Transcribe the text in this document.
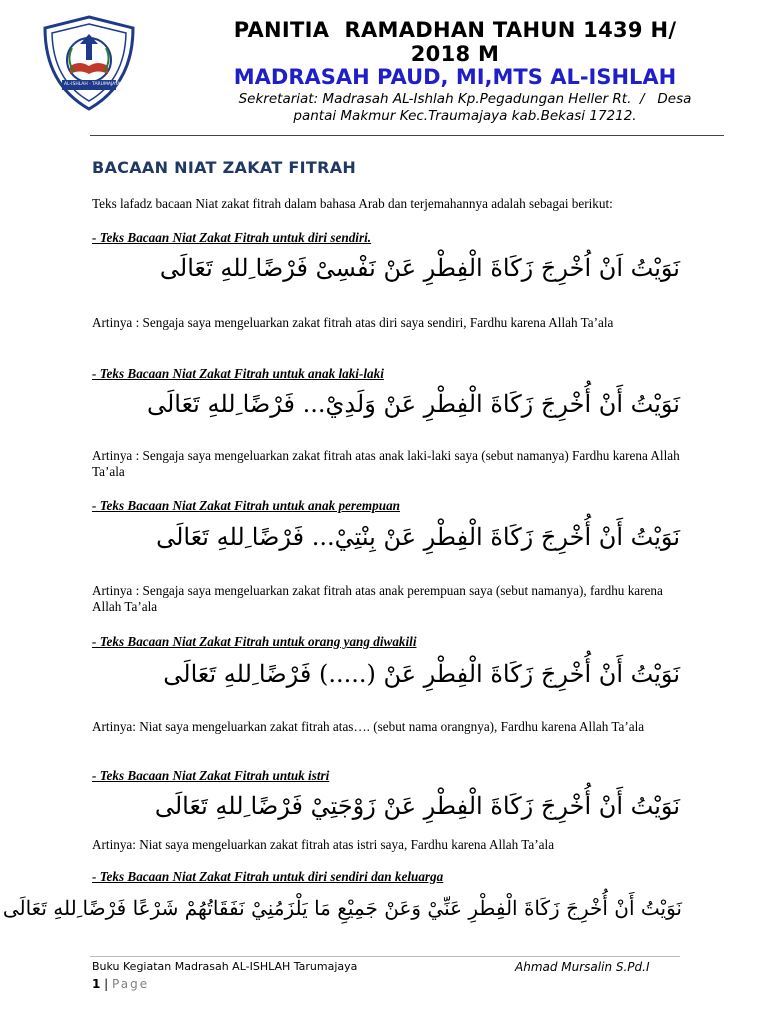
AL-ISHLAH · TARUMAJAYA - BEKASI
PANITIA  RAMADHAN TAHUN 1439 H/
2018 M
MADRASAH PAUD, MI,MTS AL-ISHLAH
Sekretariat: Madrasah AL-Ishlah Kp.Pegadungan Heller Rt.  /   Desa
pantai Makmur Kec.Traumajaya kab.Bekasi 17212.
BACAAN NIAT ZAKAT FITRAH
Teks lafadz bacaan Niat zakat fitrah dalam bahasa Arab dan terjemahannya adalah sebagai berikut:
- Teks Bacaan Niat Zakat Fitrah untuk diri sendiri.
نَوَيْتُ اَنْ اُخْرِجَ زَكَاةَ الْفِطْرِ عَنْ نَفْسِىْ فَرْضًا ِللهِ تَعَالَى
Artinya : Sengaja saya mengeluarkan zakat fitrah atas diri saya sendiri, Fardhu karena Allah Ta’ala
- Teks Bacaan Niat Zakat Fitrah untuk anak laki-laki
نَوَيْتُ أَنْ أُخْرِجَ زَكَاةَ الْفِطْرِ عَنْ وَلَدِيْ... فَرْضًا ِللهِ تَعَالَى
Artinya : Sengaja saya mengeluarkan zakat fitrah atas anak laki-laki saya (sebut namanya) Fardhu karena Allah Ta’ala
- Teks Bacaan Niat Zakat Fitrah untuk anak perempuan
نَوَيْتُ أَنْ أُخْرِجَ زَكَاةَ الْفِطْرِ عَنْ بِنْتِيْ... فَرْضًا ِللهِ تَعَالَى
Artinya : Sengaja saya mengeluarkan zakat fitrah atas anak perempuan saya (sebut namanya), fardhu karena Allah Ta’ala
- Teks Bacaan Niat Zakat Fitrah untuk orang yang diwakili
نَوَيْتُ أَنْ أُخْرِجَ زَكَاةَ الْفِطْرِ عَنْ (.....) فَرْضًا ِللهِ تَعَالَى
Artinya: Niat saya mengeluarkan zakat fitrah atas…. (sebut nama orangnya), Fardhu karena Allah Ta’ala
- Teks Bacaan Niat Zakat Fitrah untuk istri
نَوَيْتُ أَنْ أُخْرِجَ زَكَاةَ الْفِطْرِ عَنْ زَوْجَتِيْ فَرْضًا ِللهِ تَعَالَى
Artinya: Niat saya mengeluarkan zakat fitrah atas istri saya, Fardhu karena Allah Ta’ala
- Teks Bacaan Niat Zakat Fitrah untuk diri sendiri dan keluarga
نَوَيْتُ أَنْ أُخْرِجَ زَكَاةَ الْفِطْرِ عَنِّيْ وَعَنْ جَمِيْعِ مَا يَلْزَمُنِيْ نَفَقَاتُهُمْ شَرْعًا فَرْضًا ِللهِ تَعَالَى
Buku Kegiatan Madrasah AL-ISHLAH Tarumajaya	Ahmad Mursalin S.Pd.I
1 | Page
